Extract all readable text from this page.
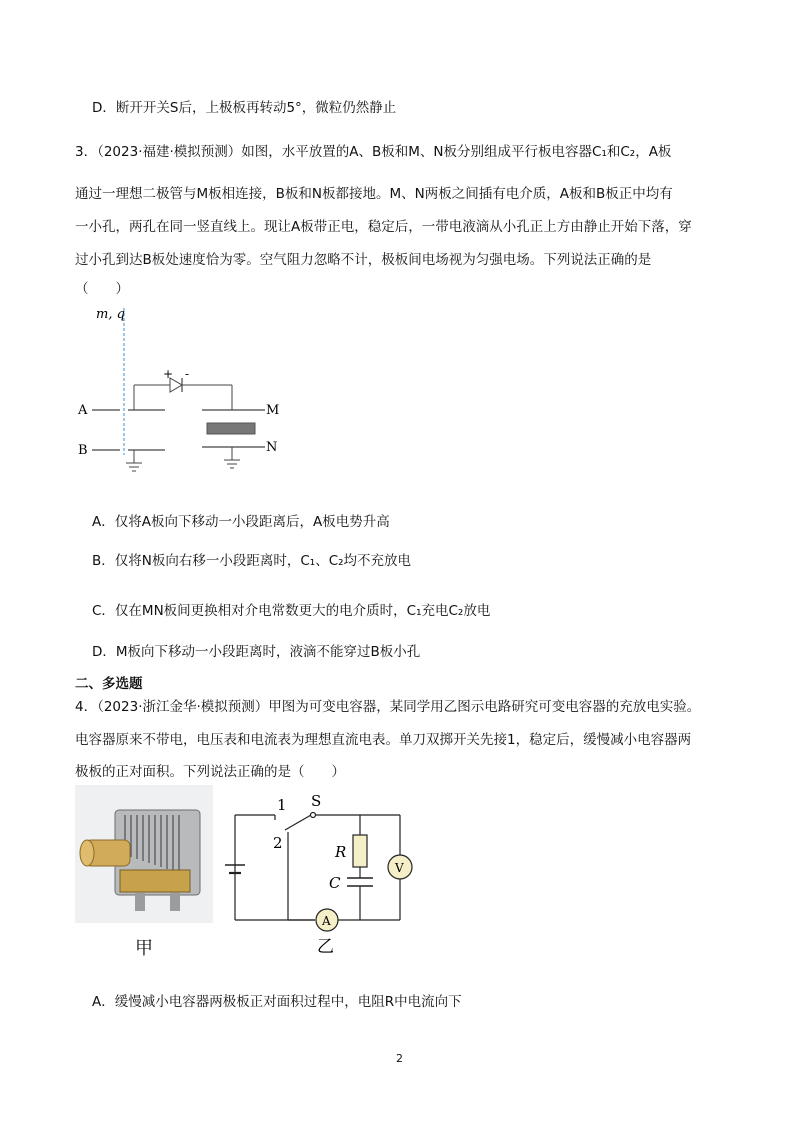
D．断开开关S后，上极板再转动5°，微粒仍然静止
3．（2023·福建·模拟预测）如图，水平放置的A、B板和M、N板分别组成平行板电容器C₁和C₂，A板
通过一理想二极管与M板相连接，B板和N板都接地。M、N两板之间插有电介质，A板和B板正中均有
一小孔，两孔在同一竖直线上。现让A板带正电，稳定后，一带电液滴从小孔正上方由静止开始下落，穿
过小孔到达B板处速度恰为零。空气阻力忽略不计，极板间电场视为匀强电场。下列说法正确的是
（　　）
m, q
A
B
+ -
M
N
A．仅将A板向下移动一小段距离后，A板电势升高
B．仅将N板向右移一小段距离时，C₁、C₂均不充放电
C．仅在MN板间更换相对介电常数更大的电介质时，C₁充电C₂放电
D．M板向下移动一小段距离时，液滴不能穿过B板小孔
二、多选题
4．（2023·浙江金华·模拟预测）甲图为可变电容器，某同学用乙图示电路研究可变电容器的充放电实验。
电容器原来不带电，电压表和电流表为理想直流电表。单刀双掷开关先接1，稳定后，缓慢减小电容器两
极板的正对面积。下列说法正确的是（　　）
甲
1 S
2	R
C
A
V
乙
A．缓慢减小电容器两极板正对面积过程中，电阻R中电流向下
2
